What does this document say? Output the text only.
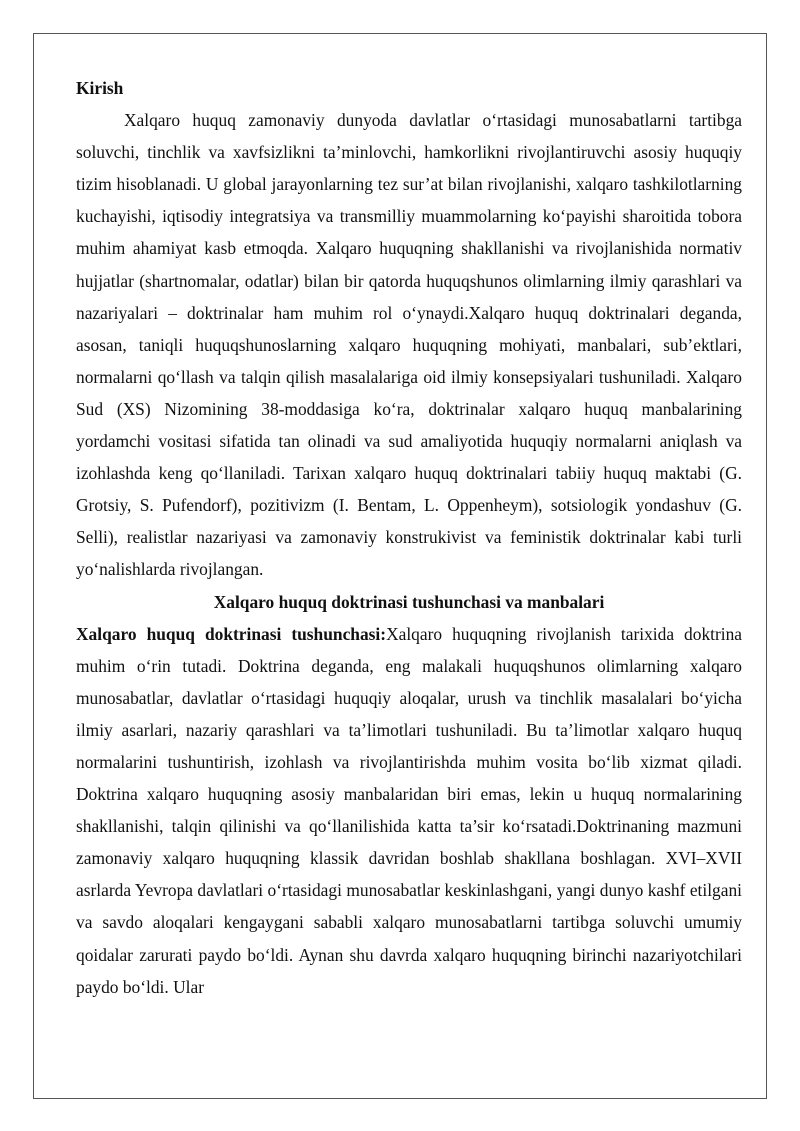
Kirish

Xalqaro huquq zamonaviy dunyoda davlatlar o‘rtasidagi munosabatlarni tartibga soluvchi, tinchlik va xavfsizlikni ta’minlovchi, hamkorlikni rivojlantiruvchi asosiy huquqiy tizim hisoblanadi. U global jarayonlarning tez sur’at bilan rivojlanishi, xalqaro tashkilotlarning kuchayishi, iqtisodiy integratsiya va transmilliy muammolarning ko‘payishi sharoitida tobora muhim ahamiyat kasb etmoqda. Xalqaro huquqning shakllanishi va rivojlanishida normativ hujjatlar (shartnomalar, odatlar) bilan bir qatorda huquqshunos olimlarning ilmiy qarashlari va nazariyalari – doktrinalar ham muhim rol o‘ynaydi.Xalqaro huquq doktrinalari deganda, asosan, taniqli huquqshunoslarning xalqaro huquqning mohiyati, manbalari, sub’ektlari, normalarni qo‘llash va talqin qilish masalalariga oid ilmiy konsepsiyalari tushuniladi. Xalqaro Sud (XS) Nizomining 38-moddasiga ko‘ra, doktrinalar xalqaro huquq manbalarining yordamchi vositasi sifatida tan olinadi va sud amaliyotida huquqiy normalarni aniqlash va izohlashda keng qo‘llaniladi. Tarixan xalqaro huquq doktrinalari tabiiy huquq maktabi (G. Grotsiy, S. Pufendorf), pozitivizm (I. Bentam, L. Oppenheym), sotsiologik yondashuv (G. Selli), realistlar nazariyasi va zamonaviy konstrukivist va feministik doktrinalar kabi turli yo‘nalishlarda rivojlangan.

Xalqaro huquq doktrinasi tushunchasi va manbalari

Xalqaro huquq doktrinasi tushunchasi:Xalqaro huquqning rivojlanish tarixida doktrina muhim o‘rin tutadi. Doktrina deganda, eng malakali huquqshunos olimlarning xalqaro munosabatlar, davlatlar o‘rtasidagi huquqiy aloqalar, urush va tinchlik masalalari bo‘yicha ilmiy asarlari, nazariy qarashlari va ta’limotlari tushuniladi. Bu ta’limotlar xalqaro huquq normalarini tushuntirish, izohlash va rivojlantirishda muhim vosita bo‘lib xizmat qiladi. Doktrina xalqaro huquqning asosiy manbalaridan biri emas, lekin u huquq normalarining shakllanishi, talqin qilinishi va qo‘llanilishida katta ta’sir ko‘rsatadi.Doktrinaning mazmuni zamonaviy xalqaro huquqning klassik davridan boshlab shakllana boshlagan. XVI–XVII asrlarda Yevropa davlatlari o‘rtasidagi munosabatlar keskinlashgani, yangi dunyo kashf etilgani va savdo aloqalari kengaygani sababli xalqaro munosabatlarni tartibga soluvchi umumiy qoidalar zarurati paydo bo‘ldi. Aynan shu davrda xalqaro huquqning birinchi nazariyotchilari paydo bo‘ldi. Ular
